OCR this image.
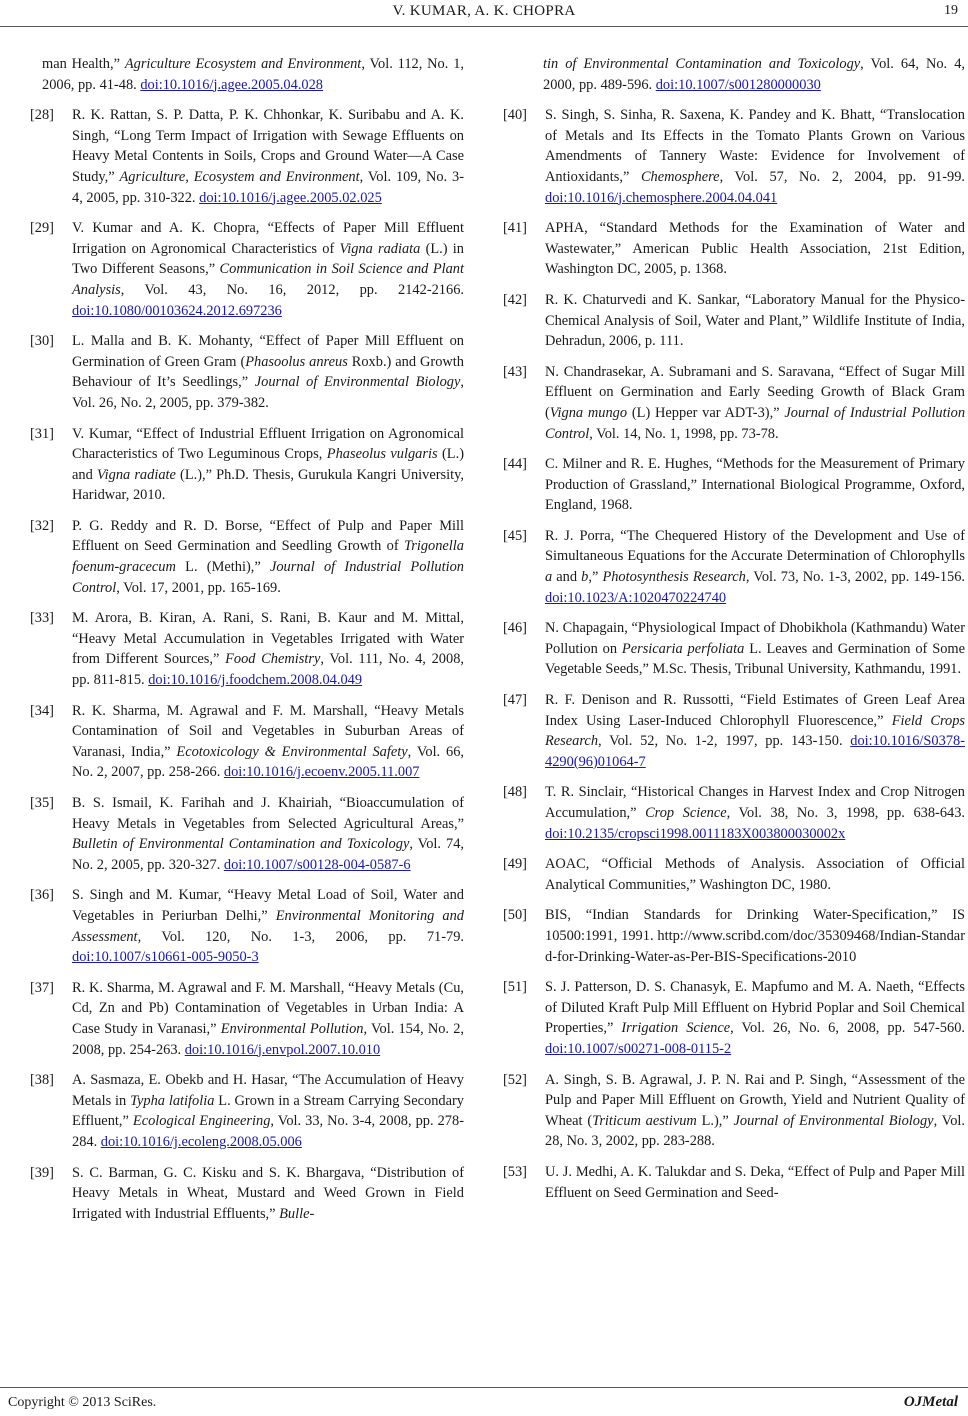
V. KUMAR, A. K. CHOPRA	19
man Health,” Agriculture Ecosystem and Environment, Vol. 112, No. 1, 2006, pp. 41-48. doi:10.1016/j.agee.2005.04.028
[28]	R. K. Rattan, S. P. Datta, P. K. Chhonkar, K. Suribabu and A. K. Singh, “Long Term Impact of Irrigation with Sewage Effluents on Heavy Metal Contents in Soils, Crops and Ground Water—A Case Study,” Agriculture, Ecosystem and Environment, Vol. 109, No. 3-4, 2005, pp. 310-322. doi:10.1016/j.agee.2005.02.025
[29]	V. Kumar and A. K. Chopra, “Effects of Paper Mill Effluent Irrigation on Agronomical Characteristics of Vigna radiata (L.) in Two Different Seasons,” Communication in Soil Science and Plant Analysis, Vol. 43, No. 16, 2012, pp. 2142-2166. doi:10.1080/00103624.2012.697236
[30]	L. Malla and B. K. Mohanty, “Effect of Paper Mill Effluent on Germination of Green Gram (Phasoolus anreus Roxb.) and Growth Behaviour of It’s Seedlings,” Journal of Environmental Biology, Vol. 26, No. 2, 2005, pp. 379-382.
[31]	V. Kumar, “Effect of Industrial Effluent Irrigation on Agronomical Characteristics of Two Leguminous Crops, Phaseolus vulgaris (L.) and Vigna radiate (L.),” Ph.D. Thesis, Gurukula Kangri University, Haridwar, 2010.
[32]	P. G. Reddy and R. D. Borse, “Effect of Pulp and Paper Mill Effluent on Seed Germination and Seedling Growth of Trigonella foenum-gracecum L. (Methi),” Journal of Industrial Pollution Control, Vol. 17, 2001, pp. 165-169.
[33]	M. Arora, B. Kiran, A. Rani, S. Rani, B. Kaur and M. Mittal, “Heavy Metal Accumulation in Vegetables Irrigated with Water from Different Sources,” Food Chemistry, Vol. 111, No. 4, 2008, pp. 811-815. doi:10.1016/j.foodchem.2008.04.049
[34]	R. K. Sharma, M. Agrawal and F. M. Marshall, “Heavy Metals Contamination of Soil and Vegetables in Suburban Areas of Varanasi, India,” Ecotoxicology & Environmental Safety, Vol. 66, No. 2, 2007, pp. 258-266. doi:10.1016/j.ecoenv.2005.11.007
[35]	B. S. Ismail, K. Farihah and J. Khairiah, “Bioaccumulation of Heavy Metals in Vegetables from Selected Agricultural Areas,” Bulletin of Environmental Contamination and Toxicology, Vol. 74, No. 2, 2005, pp. 320-327. doi:10.1007/s00128-004-0587-6
[36]	S. Singh and M. Kumar, “Heavy Metal Load of Soil, Water and Vegetables in Periurban Delhi,” Environmental Monitoring and Assessment, Vol. 120, No. 1-3, 2006, pp. 71-79. doi:10.1007/s10661-005-9050-3
[37]	R. K. Sharma, M. Agrawal and F. M. Marshall, “Heavy Metals (Cu, Cd, Zn and Pb) Contamination of Vegetables in Urban India: A Case Study in Varanasi,” Environmental Pollution, Vol. 154, No. 2, 2008, pp. 254-263. doi:10.1016/j.envpol.2007.10.010
[38]	A. Sasmaza, E. Obekb and H. Hasar, “The Accumulation of Heavy Metals in Typha latifolia L. Grown in a Stream Carrying Secondary Effluent,” Ecological Engineering, Vol. 33, No. 3-4, 2008, pp. 278-284. doi:10.1016/j.ecoleng.2008.05.006
[39]	S. C. Barman, G. C. Kisku and S. K. Bhargava, “Distribution of Heavy Metals in Wheat, Mustard and Weed Grown in Field Irrigated with Industrial Effluents,” Bulle-
tin of Environmental Contamination and Toxicology, Vol. 64, No. 4, 2000, pp. 489-596. doi:10.1007/s001280000030
[40]	S. Singh, S. Sinha, R. Saxena, K. Pandey and K. Bhatt, “Translocation of Metals and Its Effects in the Tomato Plants Grown on Various Amendments of Tannery Waste: Evidence for Involvement of Antioxidants,” Chemosphere, Vol. 57, No. 2, 2004, pp. 91-99. doi:10.1016/j.chemosphere.2004.04.041
[41]	APHA, “Standard Methods for the Examination of Water and Wastewater,” American Public Health Association, 21st Edition, Washington DC, 2005, p. 1368.
[42]	R. K. Chaturvedi and K. Sankar, “Laboratory Manual for the Physico-Chemical Analysis of Soil, Water and Plant,” Wildlife Institute of India, Dehradun, 2006, p. 111.
[43]	N. Chandrasekar, A. Subramani and S. Saravana, “Effect of Sugar Mill Effluent on Germination and Early Seeding Growth of Black Gram (Vigna mungo (L) Hepper var ADT-3),” Journal of Industrial Pollution Control, Vol. 14, No. 1, 1998, pp. 73-78.
[44]	C. Milner and R. E. Hughes, “Methods for the Measurement of Primary Production of Grassland,” International Biological Programme, Oxford, England, 1968.
[45]	R. J. Porra, “The Chequered History of the Development and Use of Simultaneous Equations for the Accurate Determination of Chlorophylls a and b,” Photosynthesis Research, Vol. 73, No. 1-3, 2002, pp. 149-156. doi:10.1023/A:1020470224740
[46]	N. Chapagain, “Physiological Impact of Dhobikhola (Kathmandu) Water Pollution on Persicaria perfoliata L. Leaves and Germination of Some Vegetable Seeds,” M.Sc. Thesis, Tribunal University, Kathmandu, 1991.
[47]	R. F. Denison and R. Russotti, “Field Estimates of Green Leaf Area Index Using Laser-Induced Chlorophyll Fluorescence,” Field Crops Research, Vol. 52, No. 1-2, 1997, pp. 143-150. doi:10.1016/S0378-4290(96)01064-7
[48]	T. R. Sinclair, “Historical Changes in Harvest Index and Crop Nitrogen Accumulation,” Crop Science, Vol. 38, No. 3, 1998, pp. 638-643. doi:10.2135/cropsci1998.0011183X003800030002x
[49]	AOAC, “Official Methods of Analysis. Association of Official Analytical Communities,” Washington DC, 1980.
[50]	BIS, “Indian Standards for Drinking Water-Specification,” IS 10500:1991, 1991. http://www.scribd.com/doc/35309468/Indian-Standard-for-Drinking-Water-as-Per-BIS-Specifications-2010
[51]	S. J. Patterson, D. S. Chanasyk, E. Mapfumo and M. A. Naeth, “Effects of Diluted Kraft Pulp Mill Effluent on Hybrid Poplar and Soil Chemical Properties,” Irrigation Science, Vol. 26, No. 6, 2008, pp. 547-560. doi:10.1007/s00271-008-0115-2
[52]	A. Singh, S. B. Agrawal, J. P. N. Rai and P. Singh, “Assessment of the Pulp and Paper Mill Effluent on Growth, Yield and Nutrient Quality of Wheat (Triticum aestivum L.),” Journal of Environmental Biology, Vol. 28, No. 3, 2002, pp. 283-288.
[53]	U. J. Medhi, A. K. Talukdar and S. Deka, “Effect of Pulp and Paper Mill Effluent on Seed Germination and Seed-
Copyright © 2013 SciRes.	OJMetal
